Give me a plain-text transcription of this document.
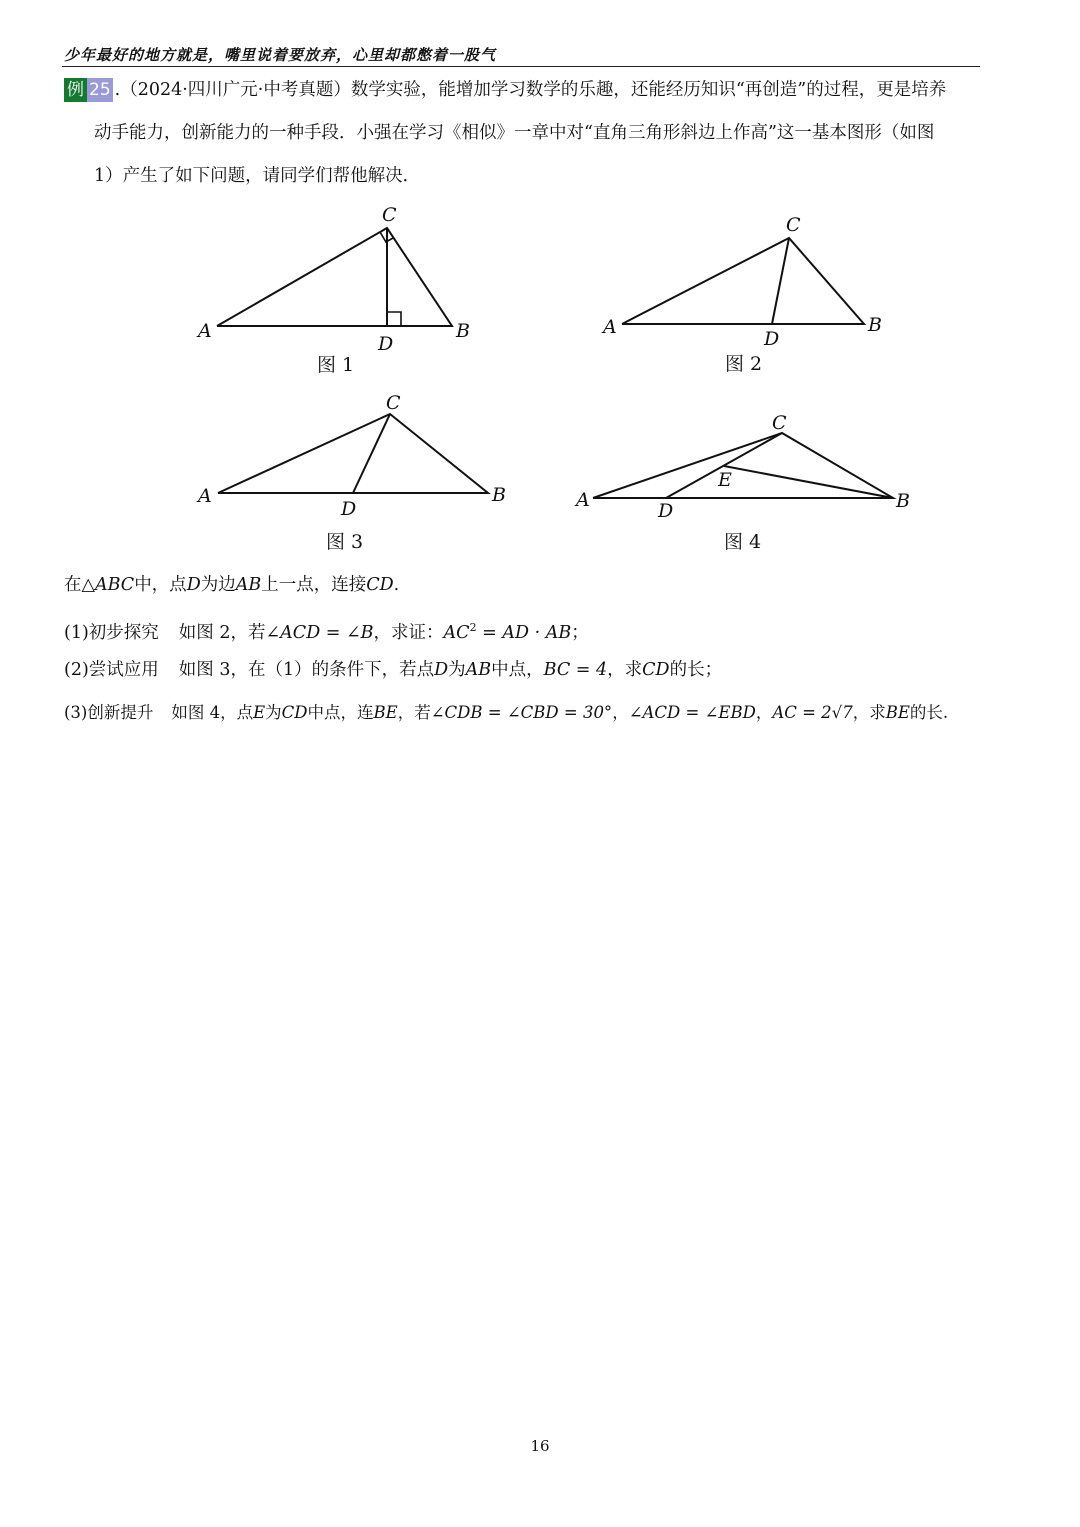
少年最好的地方就是，嘴里说着要放弃，心里却都憋着一股气
例 25 .（2024·四川广元·中考真题）数学实验，能增加学习数学的乐趣，还能经历知识“再创造”的过程，更是培养
动手能力，创新能力的一种手段．小强在学习《相似》一章中对“直角三角形斜边上作高”这一基本图形（如图
1）产生了如下问题，请同学们帮他解决．
C
A	B
D
图 1
C
A	B
D
图 2
C
A	B
D
图 3
C
A	B
D
E
图 4
在△ABC中，点D为边AB上一点，连接CD.
(1)初步探究 如图 2，若∠ACD = ∠B，求证：$AC^2$ = AD · AB；
(2)尝试应用 如图 3，在（1）的条件下，若点D为AB中点，BC = 4，求CD的长；
(3)创新提升 如图 4，点E为CD中点，连BE，若∠CDB = ∠CBD = 30°，∠ACD = ∠EBD，AC = 2√7，求BE的长.
16
